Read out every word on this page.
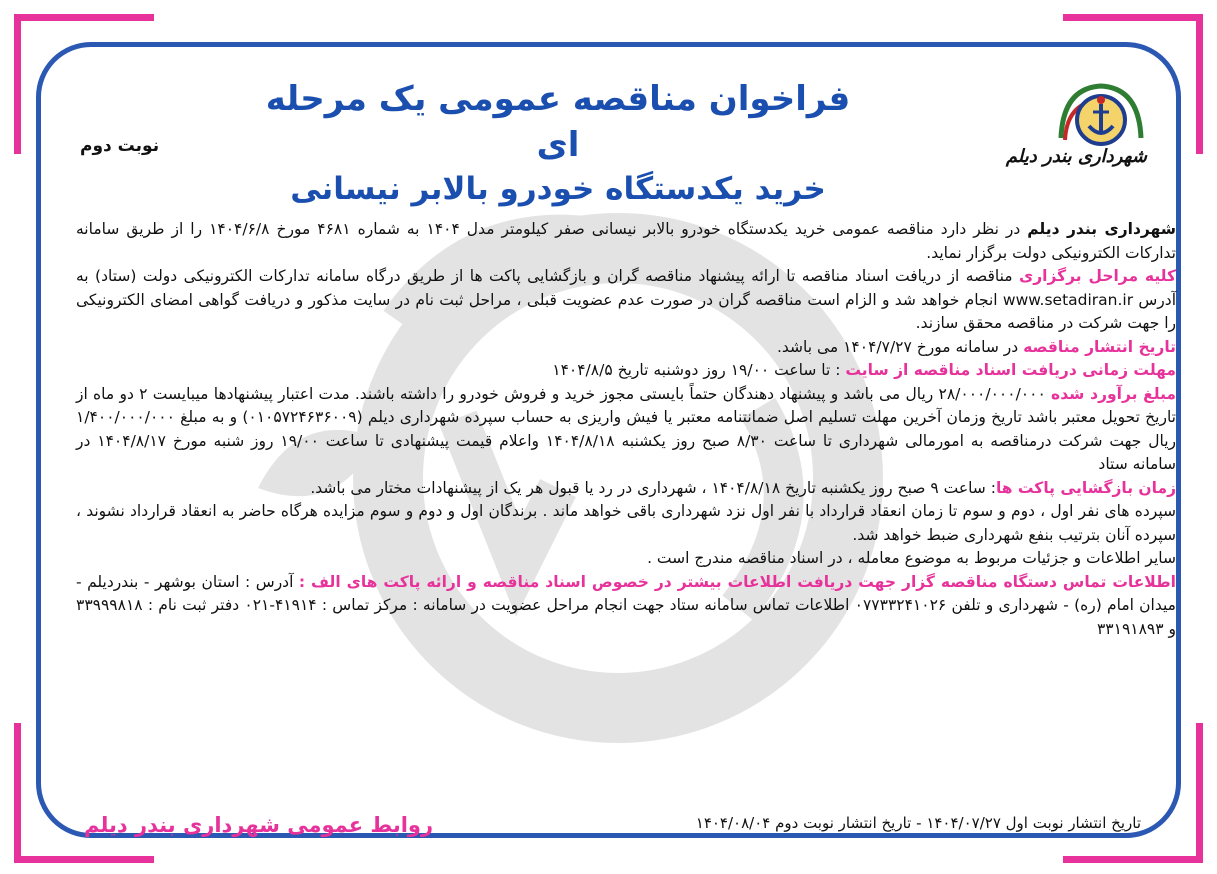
فراخوان مناقصه عمومی یک مرحله ای
خرید یکدستگاه خودرو بالابر نیسانی
نوبت دوم	شهرداری بندر دیلم

شهرداری بندر دیلم در نظر دارد مناقصه عمومی خرید یکدستگاه خودرو بالابر نیسانی صفر کیلومتر مدل ۱۴۰۴ به شماره ۴۶۸۱ مورخ ۱۴۰۴/۶/۸ را از طریق سامانه تدارکات الکترونیکی دولت برگزار نماید.

کلیه مراحل برگزاری مناقصه از دریافت اسناد مناقصه تا ارائه پیشنهاد مناقصه گران و بازگشایی پاکت ها از طریق درگاه سامانه تدارکات الکترونیکی دولت (ستاد) به آدرس www.setadiran.ir انجام خواهد شد و الزام است مناقصه گران در صورت عدم عضویت قبلی ، مراحل ثبت نام در سایت مذکور و دریافت گواهی امضای الکترونیکی را جهت شرکت در مناقصه محقق سازند.

تاریخ انتشار مناقصه در سامانه مورخ ۱۴۰۴/۷/۲۷ می باشد.

مهلت زمانی دریافت اسناد مناقصه از سایت : تا ساعت ۱۹/۰۰ روز دوشنبه تاریخ ۱۴۰۴/۸/۵

مبلغ برآورد شده ۲۸/۰۰۰/۰۰۰/۰۰۰ ریال می باشد و پیشنهاد دهندگان حتماً بایستی مجوز خرید و فروش خودرو را داشته باشند. مدت اعتبار پیشنهادها میبایست ۲ دو ماه از تاریخ تحویل معتبر باشد تاریخ وزمان آخرین مهلت تسلیم اصل ضمانتنامه معتبر یا فیش واریزی به حساب سپرده شهرداری دیلم (۰۱۰۵۷۲۴۶۳۶۰۰۹) و به مبلغ ۱/۴۰۰/۰۰۰/۰۰۰ ریال جهت شرکت درمناقصه به امورمالی شهرداری تا ساعت ۸/۳۰ صبح روز یکشنبه ۱۴۰۴/۸/۱۸ واعلام قیمت پیشنهادی تا ساعت ۱۹/۰۰ روز شنبه مورخ ۱۴۰۴/۸/۱۷ در سامانه ستاد

زمان بازگشایی پاکت ها: ساعت ۹ صبح روز یکشنبه تاریخ ۱۴۰۴/۸/۱۸ ، شهرداری در رد یا قبول هر یک از پیشنهادات مختار می باشد.

سپرده های نفر اول ، دوم و سوم تا زمان انعقاد قرارداد با نفر اول نزد شهرداری باقی خواهد ماند . برندگان اول و دوم و سوم مزایده هرگاه حاضر به انعقاد قرارداد نشوند ، سپرده آنان بترتیب بنفع شهرداری ضبط خواهد شد.

سایر اطلاعات و جزئیات مربوط به موضوع معامله ، در اسناد مناقصه مندرج است .

اطلاعات تماس دستگاه مناقصه گزار جهت دریافت اطلاعات بیشتر در خصوص اسناد مناقصه و ارائه پاکت های الف : آدرس : استان بوشهر - بندردیلم - میدان امام (ره) - شهرداری و تلفن ۰۷۷۳۳۲۴۱۰۲۶ اطلاعات تماس سامانه ستاد جهت انجام مراحل عضویت در سامانه : مرکز تماس : ۴۱۹۱۴-۰۲۱ دفتر ثبت نام : ۳۳۹۹۹۸۱۸ و ۳۳۱۹۱۸۹۳

تاریخ انتشار نوبت اول ۱۴۰۴/۰۷/۲۷ - تاریخ انتشار نوبت دوم ۱۴۰۴/۰۸/۰۴
روابط عمومی شهرداری بندر دیلم
